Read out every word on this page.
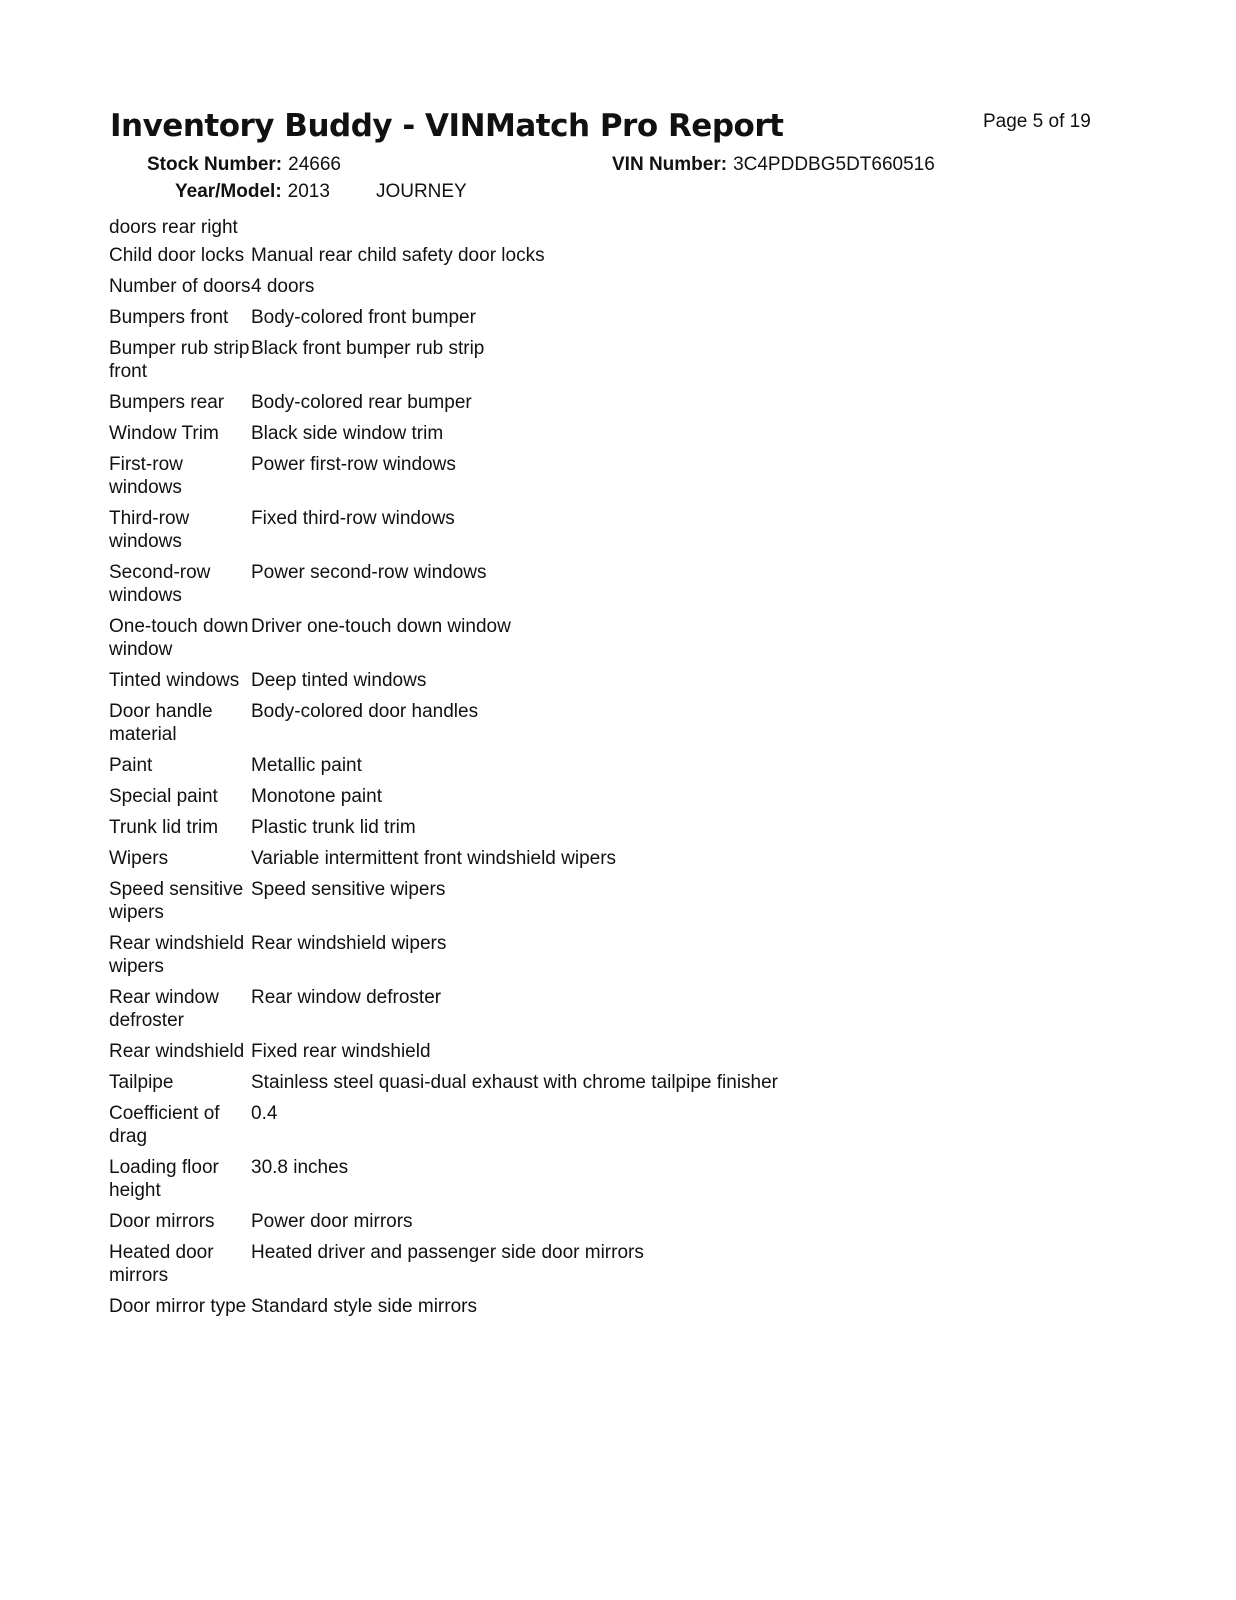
Inventory Buddy - VINMatch Pro Report	Page 5 of 19
Stock Number: 24666	VIN Number: 3C4PDDBG5DT660516
Year/Model: 2013 JOURNEY
doors rear right	
Child door locks	Manual rear child safety door locks
Number of doors	4 doors
Bumpers front	Body-colored front bumper
Bumper rub strip front	Black front bumper rub strip
Bumpers rear	Body-colored rear bumper
Window Trim	Black side window trim
First-row windows	Power first-row windows
Third-row windows	Fixed third-row windows
Second-row windows	Power second-row windows
One-touch down window	Driver one-touch down window
Tinted windows	Deep tinted windows
Door handle material	Body-colored door handles
Paint	Metallic paint
Special paint	Monotone paint
Trunk lid trim	Plastic trunk lid trim
Wipers	Variable intermittent front windshield wipers
Speed sensitive wipers	Speed sensitive wipers
Rear windshield wipers	Rear windshield wipers
Rear window defroster	Rear window defroster
Rear windshield	Fixed rear windshield
Tailpipe	Stainless steel quasi-dual exhaust with chrome tailpipe finisher
Coefficient of drag	0.4
Loading floor height	30.8 inches
Door mirrors	Power door mirrors
Heated door mirrors	Heated driver and passenger side door mirrors
Door mirror type	Standard style side mirrors
